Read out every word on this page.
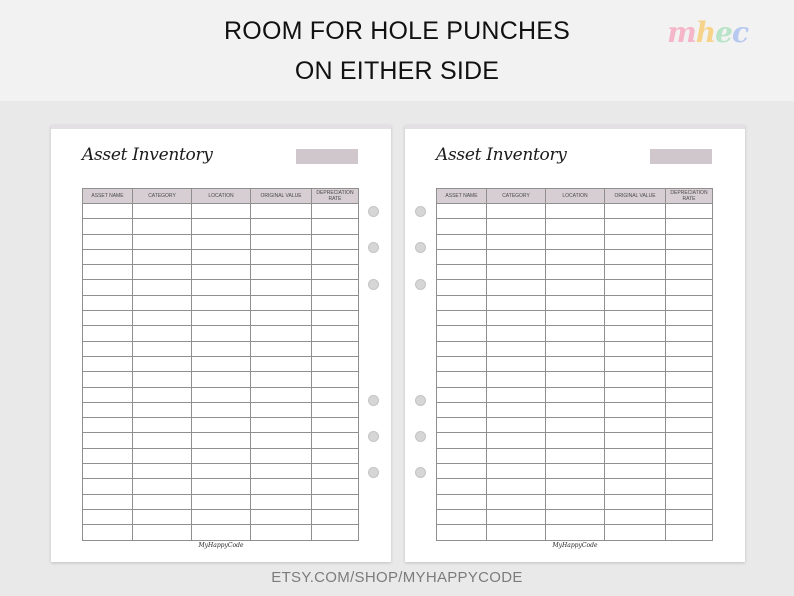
ROOM FOR HOLE PUNCHES
ON EITHER SIDE
mhec
Asset Inventory
ASSET NAME	CATEGORY	LOCATION	ORIGINAL VALUE	DEPRECIATION RATE

MyHappyCode
Asset Inventory
ASSET NAME	CATEGORY	LOCATION	ORIGINAL VALUE	DEPRECIATION RATE

MyHappyCode
ETSY.COM/SHOP/MYHAPPYCODE
